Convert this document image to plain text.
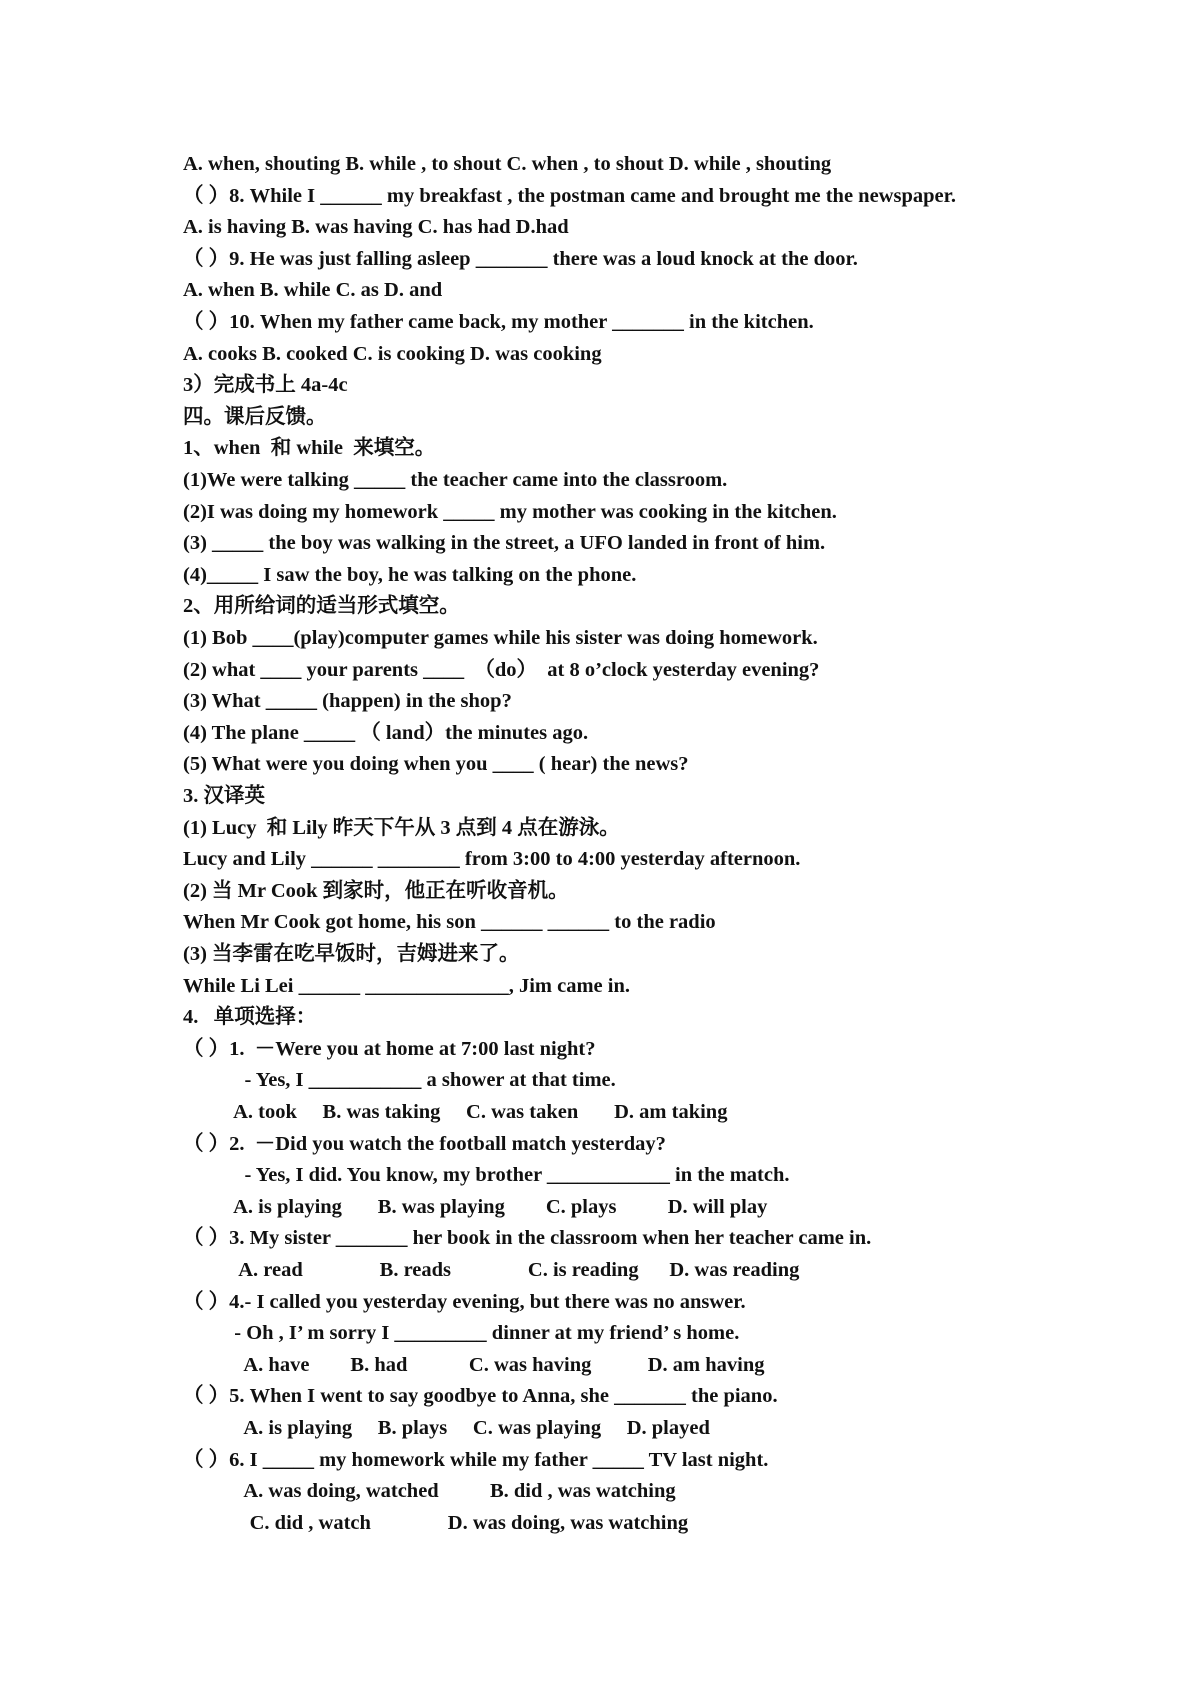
A. when, shouting B. while , to shout C. when , to shout D. while , shouting
（ ）8. While I ______ my breakfast , the postman came and brought me the newspaper.
A. is having B. was having C. has had D.had
（ ）9. He was just falling asleep _______ there was a loud knock at the door.
A. when B. while C. as D. and
（ ）10. When my father came back, my mother _______ in the kitchen.
A. cooks B. cooked C. is cooking D. was cooking
3）完成书上 4a-4c
四。课后反馈。
1、when  和 while  来填空。
(1)We were talking _____ the teacher came into the classroom.
(2)I was doing my homework _____ my mother was cooking in the kitchen.
(3) _____ the boy was walking in the street, a UFO landed in front of him.
(4)_____ I saw the boy, he was talking on the phone.
2、用所给词的适当形式填空。
(1) Bob ____(play)computer games while his sister was doing homework.
(2) what ____ your parents ____  （do）  at 8 o’clock yesterday evening?
(3) What _____ (happen) in the shop?
(4) The plane _____ （ land）the minutes ago.
(5) What were you doing when you ____ ( hear) the news?
3. 汉译英
(1) Lucy  和 Lily 昨天下午从 3 点到 4 点在游泳。
Lucy and Lily ______ ________ from 3:00 to 4:00 yesterday afternoon.
(2) 当 Mr Cook 到家时，他正在听收音机。
When Mr Cook got home, his son ______ ______ to the radio
(3) 当李雷在吃早饭时，吉姆进来了。
While Li Lei ______ ______________, Jim came in.
4.   单项选择：
（ ）1.  －Were you at home at 7:00 last night?
- Yes, I ___________ a shower at that time.
A. took     B. was taking     C. was taken       D. am taking
（ ）2.  －Did you watch the football match yesterday?
- Yes, I did. You know, my brother ____________ in the match.
A. is playing       B. was playing        C. plays          D. will play
（ ）3. My sister _______ her book in the classroom when her teacher came in.
A. read               B. reads               C. is reading      D. was reading
（ ）4.- I called you yesterday evening, but there was no answer.
- Oh , I’ m sorry I _________ dinner at my friend’ s home.
A. have        B. had            C. was having           D. am having
（ ）5. When I went to say goodbye to Anna, she _______ the piano.
A. is playing     B. plays     C. was playing     D. played
（ ）6. I _____ my homework while my father _____ TV last night.
A. was doing, watched          B. did , was watching
C. did , watch               D. was doing, was watching
